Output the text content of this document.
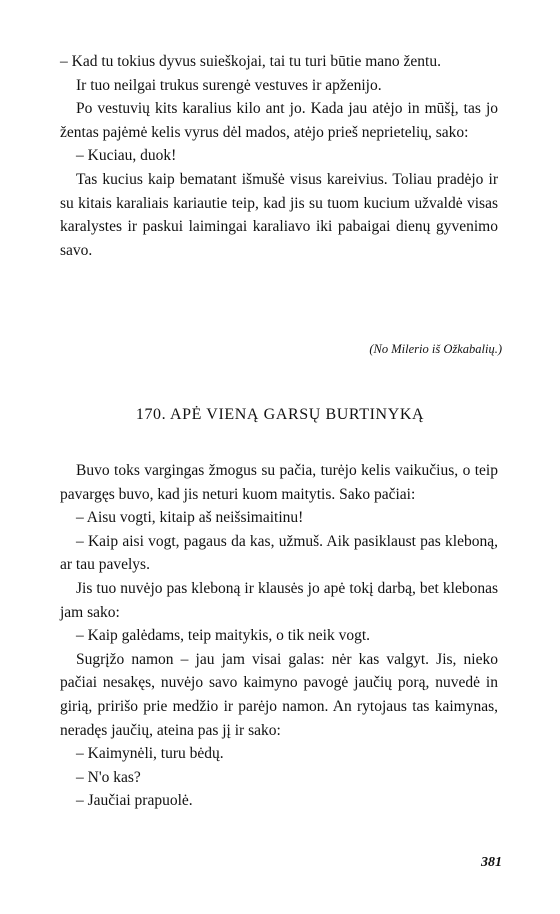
– Kad tu tokius dyvus suieškojai, tai tu turi būtie mano žentu.

Ir tuo neilgai trukus surengė vestuves ir apženijo.

Po vestuvių kits karalius kilo ant jo. Kada jau atėjo in mūšį, tas jo žentas pajėmė kelis vyrus dėl mados, atėjo prieš neprietelių, sako:

– Kuciau, duok!

Tas kucius kaip bematant išmušė visus kareivius. Toliau pradėjo ir su kitais karaliais kariautie teip, kad jis su tuom kucium užvaldė visas karalystes ir paskui laimingai karaliavo iki pabaigai dienų gyvenimo savo.

(No Milerio iš Ožkabalių.)
170. APĖ VIENĄ GARSŲ BURTINYKĄ

Buvo toks vargingas žmogus su pačia, turėjo kelis vaikučius, o teip pavargęs buvo, kad jis neturi kuom maitytis. Sako pačiai:

– Aisu vogti, kitaip aš neišsimaitinu!

– Kaip aisi vogt, pagaus da kas, užmuš. Aik pasiklaust pas kleboną, ar tau pavelys.

Jis tuo nuvėjo pas kleboną ir klausės jo apė tokį darbą, bet klebonas jam sako:

– Kaip galėdams, teip maitykis, o tik neik vogt.

Sugrįžo namon – jau jam visai galas: nėr kas valgyt. Jis, nieko pačiai nesakęs, nuvėjo savo kaimyno pavogė jaučių porą, nuvedė in girią, pririšo prie medžio ir parėjo namon. An rytojaus tas kaimynas, neradęs jaučių, ateina pas jį ir sako:

– Kaimynėli, turu bėdų.

– N'o kas?

– Jaučiai prapuolė.

381
